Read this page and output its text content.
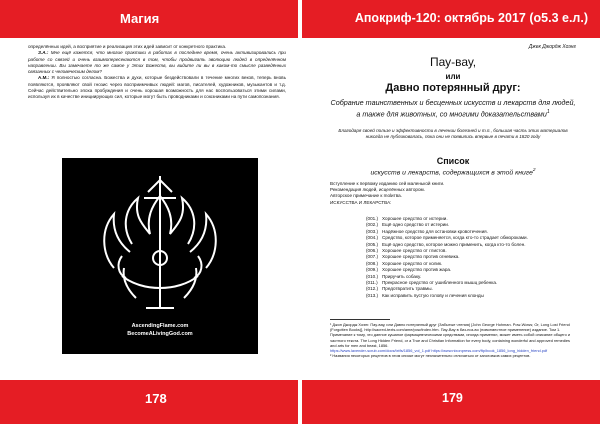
Магия	Апокриф-120: октябрь 2017 (о5.3 е.л.)

определённых идей, а восприятие и реализация этих идей зависит от конкретного практика.

З.А.: Мне ещё кажется, что многие практики в работах в последнее время, очень активизировались при работе со связей и очень взаимопересекаются в том, чтобы продвигать эволюцию людей в определённом направлении. Вы замечаете то же самое у Этих Божеств, вы видите ли вы в каком-то смысле разведённых связанных с человеческим делом?

А.М.: Я полностью согласна. Божества и духи, которые бездействовали в течение многих веков, теперь вновь появляются, проявляют свой гнозис через восприимчивых людей: магов, писателей, художников, музыкантов и т.д. Сейчас действительно эпоха пробуждения и очень хорошая возможность для нас воспользоваться этими силами, используя их в качестве инициирующих сил, которые могут быть проводниками и союзниками на пути самопознания.

AscendingFlame.com
BecomeALivingGod.com
Джек Джордж Хоэнг
Пау-вау,
или
Давно потерянный друг:
Собрание таинственных и бесценных искусств и лекарств для людей, а также для животных, со многими доказательствами$^1$
Благодаря своей пользе и эффективности в лечении болезней и т.п., большая часть этих материалов никогда не публиковалась, пока они не появились впервые в печати в 1820 году
Список
искусств и лекарств, содержащихся в этой книге$^2$
Вступление к первому изданию сей маленькой книги.
Рекомендация людей, исцелённых автором.
Авторское примечание к molитва.
ИСКУССТВА И ЛЕКАРСТВА:
(001.) Хорошее средство от истерии.
(002.) Ещё одно средство от истерии.
(003.) Надёжное средство для остановки кровотечения.
(004.) Средство, которое применяется, когда кто-то страдает обмороками.
(005.) Ещё одно средство, которое можно применить, когда кто-то болен.
(006.) Хорошее средство от глистов.
(007.) Хорошее средство против огневика.
(008.) Хорошее средство от колик.
(009.) Хорошее средство против жара.
(010.) Приручить собаку.
(011.) Прекрасное средство от ушибленного мышц ребенка.
(012.) Предотвратить травмы.
(013.) Как исправить пустую голову и лечения клонды

¹ Джон Джордж Хоэнг. Пау-вау, или Давно потерянный друг (Забытые чтения) [John George Hohman. Pow-Wows; Or, Long Lost Friend (Forgotten Books)], http://sacred-texts.com/ame/pow/index.htm. Пау-Вау в биз-поз-во (повсеместное применение) издание. Том 1.

Примечание к тому, что данное кушаное фармацевтическими средствами, иногда применял, может иметь собой описание общего и частного текста. The Long Hidden Friend, or a True and Christian Information for every body, containing wonderful and approved remedies and arts for men and beast, 1856.

https://www.lavender-scrub.com/docs/txtfs/1856_vol_1.pdf https://www.nixonpress.com/ftp/book_1856_long_hidden_friend.pdf

² Названия некоторых рецептов в этом списке могут незначительно отличаться от заголовков самих рецептов.

178	179
